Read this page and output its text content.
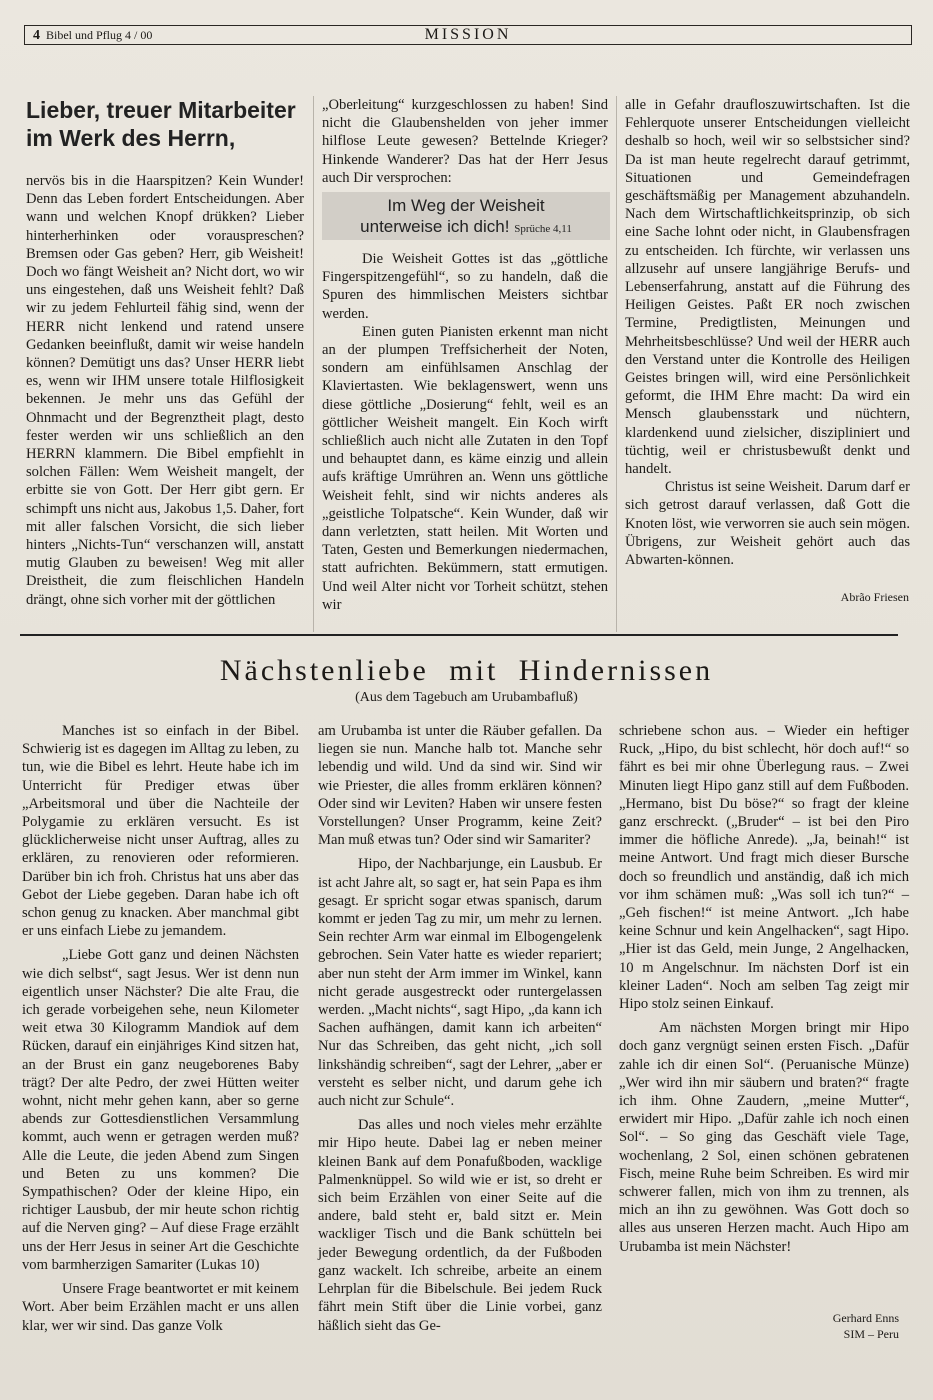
4 Bibel und Pflug 4 / 00	MISSION
Lieber, treuer Mitarbeiter im Werk des Herrn,

nervös bis in die Haarspitzen? Kein Wunder! Denn das Leben fordert Entscheidungen. Aber wann und welchen Knopf drükken? Lieber hinterherhinken oder vorauspreschen? Bremsen oder Gas geben? Herr, gib Weisheit! Doch wo fängt Weisheit an? Nicht dort, wo wir uns eingestehen, daß uns Weisheit fehlt? Daß wir zu jedem Fehlurteil fähig sind, wenn der HERR nicht lenkend und ratend unsere Gedanken beeinflußt, damit wir weise handeln können? Demütigt uns das? Unser HERR liebt es, wenn wir IHM unsere totale Hilflosigkeit bekennen. Je mehr uns das Gefühl der Ohnmacht und der Begrenztheit plagt, desto fester werden wir uns schließlich an den HERRN klammern. Die Bibel empfiehlt in solchen Fällen: Wem Weisheit mangelt, der erbitte sie von Gott. Der Herr gibt gern. Er schimpft uns nicht aus, Jakobus 1,5. Daher, fort mit aller falschen Vorsicht, die sich lieber hinters „Nichts-Tun“ verschanzen will, anstatt mutig Glauben zu beweisen! Weg mit aller Dreistheit, die zum fleischlichen Handeln drängt, ohne sich vorher mit der göttlichen

„Oberleitung“ kurzgeschlossen zu haben! Sind nicht die Glaubenshelden von jeher immer hilflose Leute gewesen? Bettelnde Krieger? Hinkende Wanderer? Das hat der Herr Jesus auch Dir versprochen:

Im Weg der Weisheit
unterweise ich dich! Sprüche 4,11

Die Weisheit Gottes ist das „göttliche Fingerspitzengefühl“, so zu handeln, daß die Spuren des himmlischen Meisters sichtbar werden.

Einen guten Pianisten erkennt man nicht an der plumpen Treffsicherheit der Noten, sondern am einfühlsamen Anschlag der Klaviertasten. Wie beklagenswert, wenn uns diese göttliche „Dosierung“ fehlt, weil es an göttlicher Weisheit mangelt. Ein Koch wirft schließlich auch nicht alle Zutaten in den Topf und behauptet dann, es käme einzig und allein aufs kräftige Umrühren an. Wenn uns göttliche Weisheit fehlt, sind wir nichts anderes als „geistliche Tolpatsche“. Kein Wunder, daß wir dann verletzten, statt heilen. Mit Worten und Taten, Gesten und Bemerkungen niedermachen, statt aufrichten. Bekümmern, statt ermutigen. Und weil Alter nicht vor Torheit schützt, stehen wir

alle in Gefahr draufloszuwirtschaften. Ist die Fehlerquote unserer Entscheidungen vielleicht deshalb so hoch, weil wir so selbstsicher sind? Da ist man heute regelrecht darauf getrimmt, Situationen und Gemeindefragen geschäftsmäßig per Management abzuhandeln. Nach dem Wirtschaftlichkeitsprinzip, ob sich eine Sache lohnt oder nicht, in Glaubensfragen zu entscheiden. Ich fürchte, wir verlassen uns allzusehr auf unsere langjährige Berufs- und Lebenserfahrung, anstatt auf die Führung des Heiligen Geistes. Paßt ER noch zwischen Termine, Predigtlisten, Meinungen und Mehrheitsbeschlüsse? Und weil der HERR auch den Verstand unter die Kontrolle des Heiligen Geistes bringen will, wird eine Persönlichkeit geformt, die IHM Ehre macht: Da wird ein Mensch glaubensstark und nüchtern, klardenkend uund zielsicher, diszipliniert und tüchtig, weil er christusbewußt denkt und handelt.

Christus ist seine Weisheit. Darum darf er sich getrost darauf verlassen, daß Gott die Knoten löst, wie verworren sie auch sein mögen. Übrigens, zur Weisheit gehört auch das Abwarten-können.

Abrão Friesen
Nächstenliebe mit Hindernissen
(Aus dem Tagebuch am Urubambafluß)

Manches ist so einfach in der Bibel. Schwierig ist es dagegen im Alltag zu leben, zu tun, wie die Bibel es lehrt. Heute habe ich im Unterricht für Prediger etwas über „Arbeitsmoral und über die Nachteile der Polygamie zu erklären versucht. Es ist glücklicherweise nicht unser Auftrag, alles zu erklären, zu renovieren oder reformieren. Darüber bin ich froh. Christus hat uns aber das Gebot der Liebe gegeben. Daran habe ich oft schon genug zu knacken. Aber manchmal gibt er uns einfach Liebe zu jemandem.

„Liebe Gott ganz und deinen Nächsten wie dich selbst“, sagt Jesus. Wer ist denn nun eigentlich unser Nächster? Die alte Frau, die ich gerade vorbeigehen sehe, neun Kilometer weit etwa 30 Kilogramm Mandiok auf dem Rücken, darauf ein einjähriges Kind sitzen hat, an der Brust ein ganz neugeborenes Baby trägt? Der alte Pedro, der zwei Hütten weiter wohnt, nicht mehr gehen kann, aber so gerne abends zur Gottesdienstlichen Versammlung kommt, auch wenn er getragen werden muß? Alle die Leute, die jeden Abend zum Singen und Beten zu uns kommen? Die Sympathischen? Oder der kleine Hipo, ein richtiger Lausbub, der mir heute schon richtig auf die Nerven ging? – Auf diese Frage erzählt uns der Herr Jesus in seiner Art die Geschichte vom barmherzigen Samariter (Lukas 10)

Unsere Frage beantwortet er mit keinem Wort. Aber beim Erzählen macht er uns allen klar, wer wir sind. Das ganze Volk

am Urubamba ist unter die Räuber gefallen. Da liegen sie nun. Manche halb tot. Manche sehr lebendig und wild. Und da sind wir. Sind wir wie Priester, die alles fromm erklären können? Oder sind wir Leviten? Haben wir unsere festen Vorstellungen? Unser Programm, keine Zeit? Man muß etwas tun? Oder sind wir Samariter?

Hipo, der Nachbarjunge, ein Lausbub. Er ist acht Jahre alt, so sagt er, hat sein Papa es ihm gesagt. Er spricht sogar etwas spanisch, darum kommt er jeden Tag zu mir, um mehr zu lernen. Sein rechter Arm war einmal im Elbogengelenk gebrochen. Sein Vater hatte es wieder repariert; aber nun steht der Arm immer im Winkel, kann nicht gerade ausgestreckt oder runtergelassen werden. „Macht nichts“, sagt Hipo, „da kann ich Sachen aufhängen, damit kann ich arbeiten“ Nur das Schreiben, das geht nicht, „ich soll linkshändig schreiben“, sagt der Lehrer, „aber er versteht es selber nicht, und darum gehe ich auch nicht zur Schule“.

Das alles und noch vieles mehr erzählte mir Hipo heute. Dabei lag er neben meiner kleinen Bank auf dem Ponafußboden, wacklige Palmenknüppel. So wild wie er ist, so dreht er sich beim Erzählen von einer Seite auf die andere, bald steht er, bald sitzt er. Mein wackliger Tisch und die Bank schütteln bei jeder Bewegung ordentlich, da der Fußboden ganz wackelt. Ich schreibe, arbeite an einem Lehrplan für die Bibelschule. Bei jedem Ruck fährt mein Stift über die Linie vorbei, ganz häßlich sieht das Ge-

schriebene schon aus. – Wieder ein heftiger Ruck, „Hipo, du bist schlecht, hör doch auf!“ so fährt es bei mir ohne Überlegung raus. – Zwei Minuten liegt Hipo ganz still auf dem Fußboden. „Hermano, bist Du böse?“ so fragt der kleine ganz erschreckt. („Bruder“ – ist bei den Piro immer die höfliche Anrede). „Ja, beinah!“ ist meine Antwort. Und fragt mich dieser Bursche doch so freundlich und anständig, daß ich mich vor ihm schämen muß: „Was soll ich tun?“ – „Geh fischen!“ ist meine Antwort. „Ich habe keine Schnur und kein Angelhacken“, sagt Hipo. „Hier ist das Geld, mein Junge, 2 Angelhacken, 10 m Angelschnur. Im nächsten Dorf ist ein kleiner Laden“. Noch am selben Tag zeigt mir Hipo stolz seinen Einkauf.

Am nächsten Morgen bringt mir Hipo doch ganz vergnügt seinen ersten Fisch. „Dafür zahle ich dir einen Sol“. (Peruanische Münze) „Wer wird ihn mir säubern und braten?“ fragte ich ihm. Ohne Zaudern, „meine Mutter“, erwidert mir Hipo. „Dafür zahle ich noch einen Sol“. – So ging das Geschäft viele Tage, wochenlang, 2 Sol, einen schönen gebratenen Fisch, meine Ruhe beim Schreiben. Es wird mir schwerer fallen, mich von ihm zu trennen, als mich an ihn zu gewöhnen. Was Gott doch so alles aus unseren Herzen macht. Auch Hipo am Urubamba ist mein Nächster!

Gerhard Enns
SIM – Peru
